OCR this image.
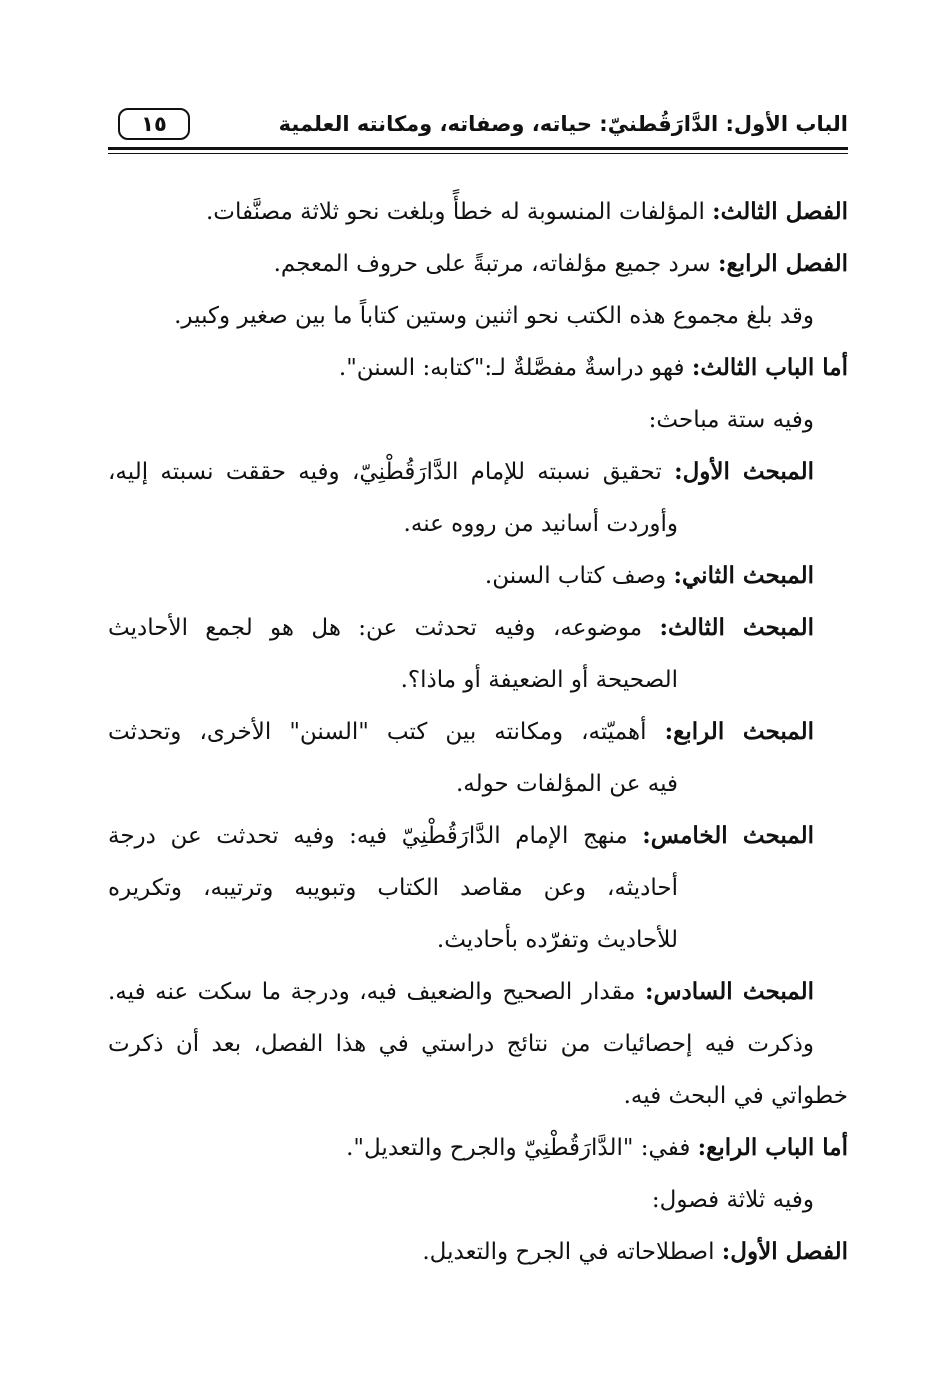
١٥	الباب الأول: الدَّارَقُطنيّ: حياته، وصفاته، ومكانته العلمية
الفصل الثالث: المؤلفات المنسوبة له خطأً وبلغت نحو ثلاثة مصنَّفات.
الفصل الرابع: سرد جميع مؤلفاته، مرتبةً على حروف المعجم.
وقد بلغ مجموع هذه الكتب نحو اثنين وستين كتاباً ما بين صغير وكبير.
أما الباب الثالث: فهو دراسةٌ مفصَّلةٌ لـ:"كتابه: السنن".
وفيه ستة مباحث:
المبحث الأول: تحقيق نسبته للإمام الدَّارَقُطْنِيّ، وفيه حققت نسبته إليه،
وأوردت أسانيد من رووه عنه.
المبحث الثاني: وصف كتاب السنن.
المبحث الثالث: موضوعه، وفيه تحدثت عن: هل هو لجمع الأحاديث
الصحيحة أو الضعيفة أو ماذا؟.
المبحث الرابع: أهميّته، ومكانته بين كتب "السنن" الأخرى، وتحدثت
فيه عن المؤلفات حوله.
المبحث الخامس: منهج الإمام الدَّارَقُطْنِيّ فيه: وفيه تحدثت عن درجة
أحاديثه، وعن مقاصد الكتاب وتبويبه وترتيبه، وتكريره
للأحاديث وتفرّده بأحاديث.
المبحث السادس: مقدار الصحيح والضعيف فيه، ودرجة ما سكت عنه فيه.
وذكرت فيه إحصائيات من نتائج دراستي في هذا الفصل، بعد أن ذكرت
خطواتي في البحث فيه.
أما الباب الرابع: ففي: "الدَّارَقُطْنِيّ والجرح والتعديل".
وفيه ثلاثة فصول:
الفصل الأول: اصطلاحاته في الجرح والتعديل.
